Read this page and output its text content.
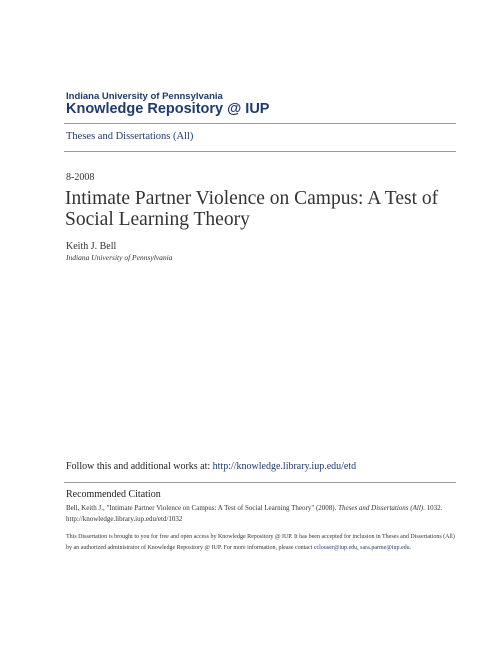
Indiana University of Pennsylvania
Knowledge Repository @ IUP
Theses and Dissertations (All)
8-2008
Intimate Partner Violence on Campus: A Test of Social Learning Theory
Keith J. Bell
Indiana University of Pennsylvania
Follow this and additional works at: http://knowledge.library.iup.edu/etd
Recommended Citation
Bell, Keith J., "Intimate Partner Violence on Campus: A Test of Social Learning Theory" (2008). Theses and Dissertations (All). 1032.
http://knowledge.library.iup.edu/etd/1032
This Dissertation is brought to you for free and open access by Knowledge Repository @ IUP. It has been accepted for inclusion in Theses and Dissertations (All) by an authorized administrator of Knowledge Repository @ IUP. For more information, please contact cclouser@iup.edu, sara.parme@iup.edu.
